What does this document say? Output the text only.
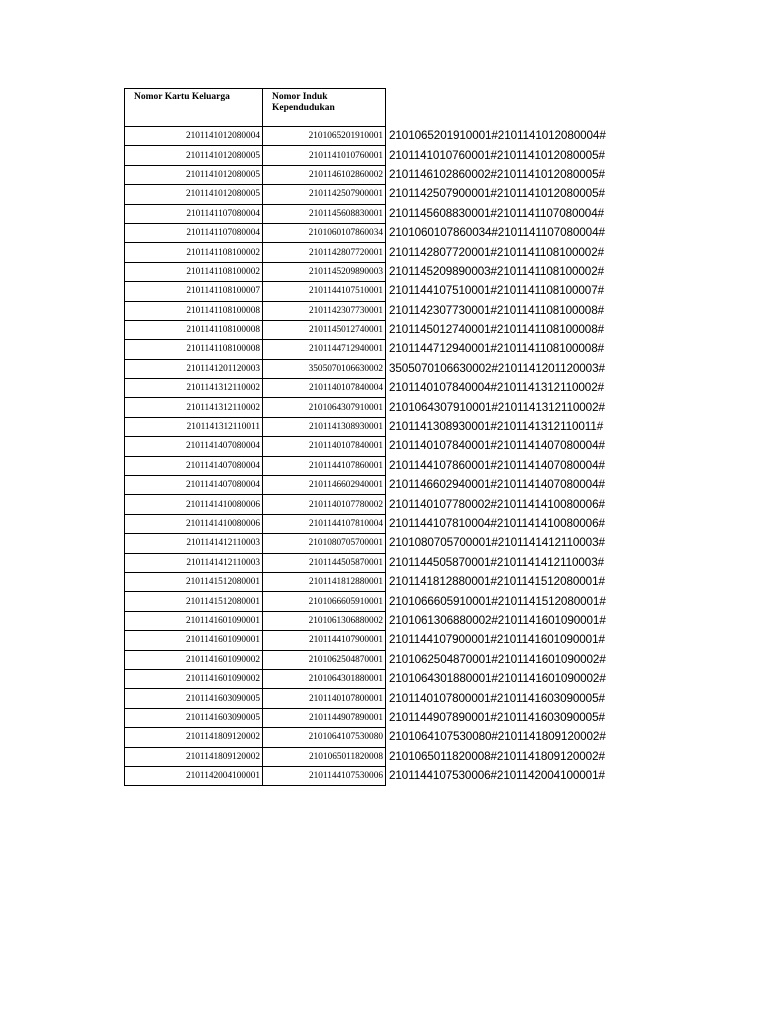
Nomor Kartu Keluarga	Nomor Induk Kependudukan	
2101141012080004	2101065201910001	2101065201910001#2101141012080004#
2101141012080005	2101141010760001	2101141010760001#2101141012080005#
2101141012080005	2101146102860002	2101146102860002#2101141012080005#
2101141012080005	2101142507900001	2101142507900001#2101141012080005#
2101141107080004	2101145608830001	2101145608830001#2101141107080004#
2101141107080004	2101060107860034	2101060107860034#2101141107080004#
2101141108100002	2101142807720001	2101142807720001#2101141108100002#
2101141108100002	2101145209890003	2101145209890003#2101141108100002#
2101141108100007	2101144107510001	2101144107510001#2101141108100007#
2101141108100008	2101142307730001	2101142307730001#2101141108100008#
2101141108100008	2101145012740001	2101145012740001#2101141108100008#
2101141108100008	2101144712940001	2101144712940001#2101141108100008#
2101141201120003	3505070106630002	3505070106630002#2101141201120003#
2101141312110002	2101140107840004	2101140107840004#2101141312110002#
2101141312110002	2101064307910001	2101064307910001#2101141312110002#
2101141312110011	2101141308930001	2101141308930001#2101141312110011#
2101141407080004	2101140107840001	2101140107840001#2101141407080004#
2101141407080004	2101144107860001	2101144107860001#2101141407080004#
2101141407080004	2101146602940001	2101146602940001#2101141407080004#
2101141410080006	2101140107780002	2101140107780002#2101141410080006#
2101141410080006	2101144107810004	2101144107810004#2101141410080006#
2101141412110003	2101080705700001	2101080705700001#2101141412110003#
2101141412110003	2101144505870001	2101144505870001#2101141412110003#
2101141512080001	2101141812880001	2101141812880001#2101141512080001#
2101141512080001	2101066605910001	2101066605910001#2101141512080001#
2101141601090001	2101061306880002	2101061306880002#2101141601090001#
2101141601090001	2101144107900001	2101144107900001#2101141601090001#
2101141601090002	2101062504870001	2101062504870001#2101141601090002#
2101141601090002	2101064301880001	2101064301880001#2101141601090002#
2101141603090005	2101140107800001	2101140107800001#2101141603090005#
2101141603090005	2101144907890001	2101144907890001#2101141603090005#
2101141809120002	2101064107530080	2101064107530080#2101141809120002#
2101141809120002	2101065011820008	2101065011820008#2101141809120002#
2101142004100001	2101144107530006	2101144107530006#2101142004100001#
